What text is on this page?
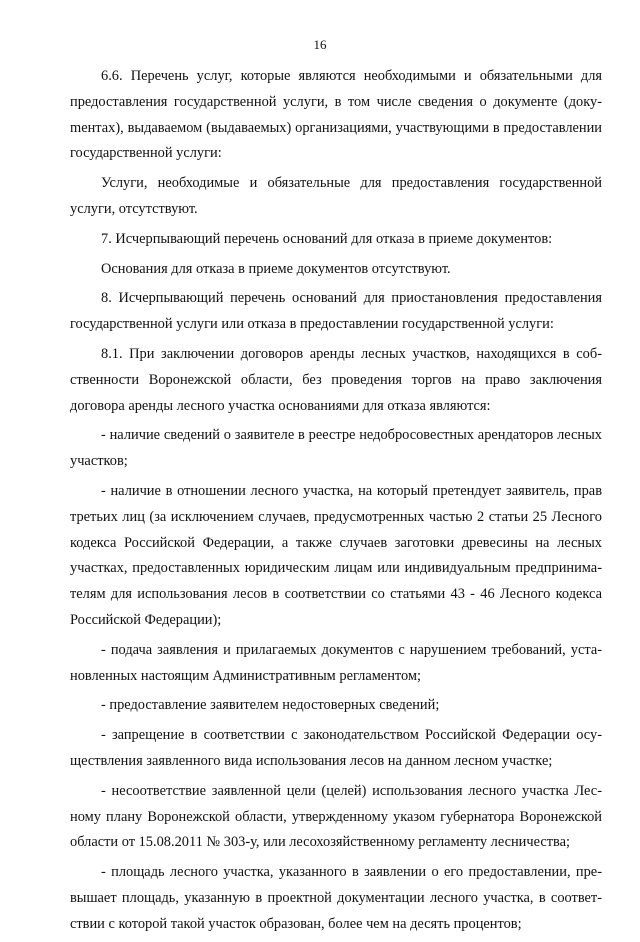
16

6.6. Перечень услуг, которые являются необходимыми и обязательными для предоставления государственной услуги, в том числе сведения о документе (докуmентах), выдаваемом (выдаваемых) организациями, участвующими в предоставлении государственной услуги:

Услуги, необходимые и обязательные для предоставления государственной услуги, отсутствуют.

7. Исчерпывающий перечень оснований для отказа в приеме документов:

Основания для отказа в приеме документов отсутствуют.

8. Исчерпывающий перечень оснований для приостановления предоставления государственной услуги или отказа в предоставлении государственной услуги:

8.1. При заключении договоров аренды лесных участков, находящихся в собственности Воронежской области, без проведения торгов на право заключения договора аренды лесного участка основаниями для отказа являются:

- наличие сведений о заявителе в реестре недобросовестных арендаторов лесных участков;

- наличие в отношении лесного участка, на который претендует заявитель, прав третьих лиц (за исключением случаев, предусмотренных частью 2 статьи 25 Лесного кодекса Российской Федерации, а также случаев заготовки древесины на лесных участках, предоставленных юридическим лицам или индивидуальным предпринимателям для использования лесов в соответствии со статьями 43 - 46 Лесного кодекса Российской Федерации);

- подача заявления и прилагаемых документов с нарушением требований, установленных настоящим Административным регламентом;

- предоставление заявителем недостоверных сведений;

- запрещение в соответствии с законодательством Российской Федерации осуществления заявленного вида использования лесов на данном лесном участке;

- несоответствие заявленной цели (целей) использования лесного участка Лесному плану Воронежской области, утвержденному указом губернатора Воронежской области от 15.08.2011 № 303-у, или лесохозяйственному регламенту лесничества;

- площадь лесного участка, указанного в заявлении о его предоставлении, превышает площадь, указанную в проектной документации лесного участка, в соответствии с которой такой участок образован, более чем на десять процентов;
